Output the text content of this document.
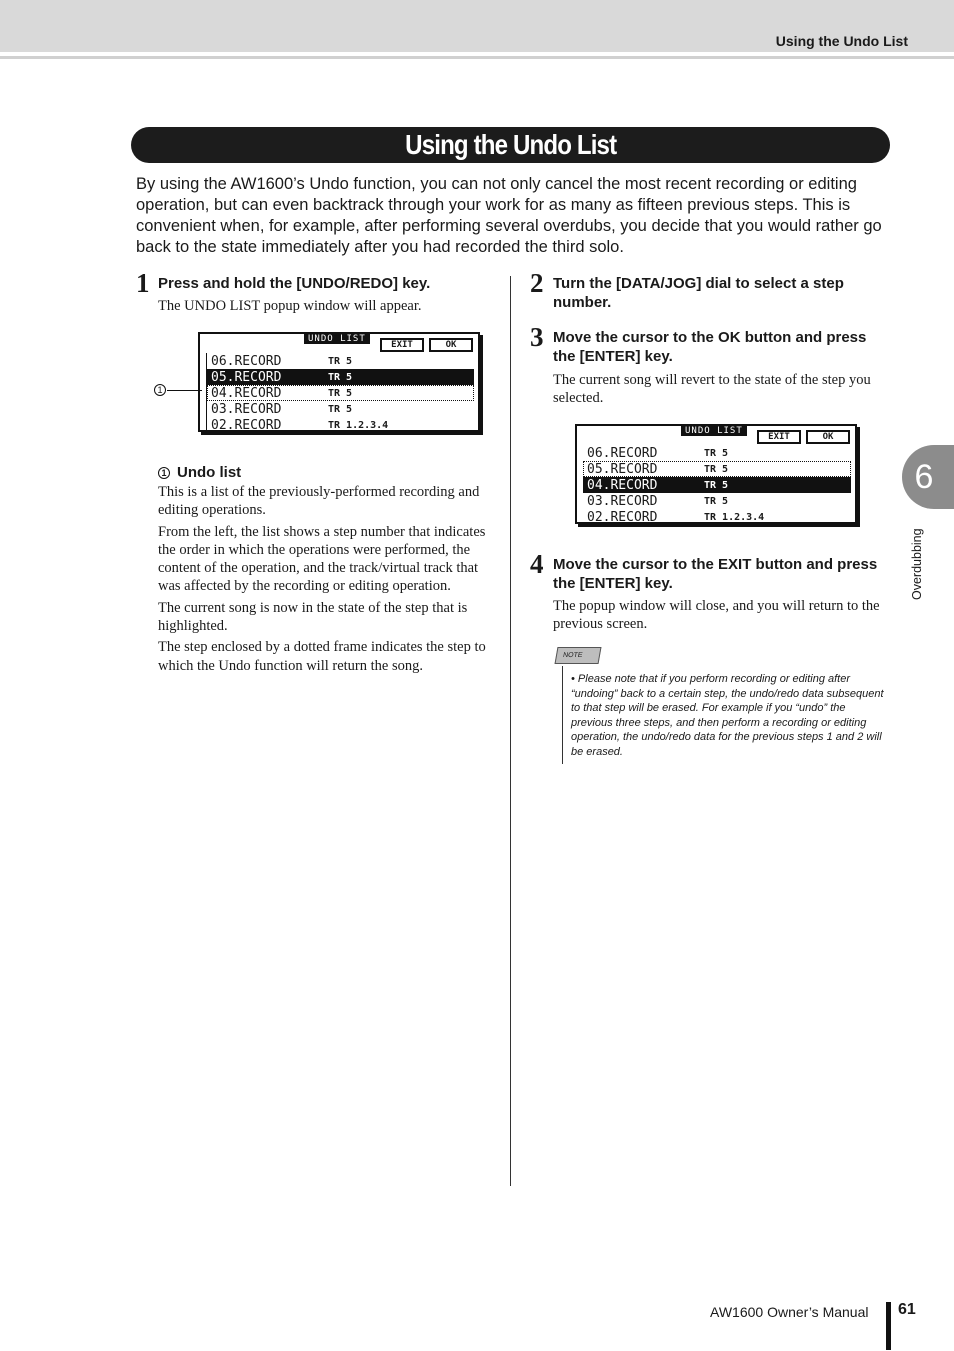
Using the Undo List
Using the Undo List
By using the AW1600’s Undo function, you can not only cancel the most recent recording or editing operation, but can even backtrack through your work for as many as fifteen previous steps. This is convenient when, for example, after performing several overdubs, you decide that you would rather go back to the state immediately after you had recorded the third solo.
1 Press and hold the [UNDO/REDO] key.
The UNDO LIST popup window will appear.
UNDO LIST
EXIT	OK
06.RECORD	TR 5
05.RECORD	TR 5
04.RECORD	TR 5
03.RECORD	TR 5
02.RECORD	TR 1.2.3.4
1
1 Undo list

This is a list of the previously-performed recording and editing operations.

From the left, the list shows a step number that indicates the order in which the operations were performed, the content of the operation, and the track/virtual track that was affected by the recording or editing operation.

The current song is now in the state of the step that is highlighted.

The step enclosed by a dotted frame indicates the step to which the Undo function will return the song.

2 Turn the [DATA/JOG] dial to select a step number.
3 Move the cursor to the OK button and press the [ENTER] key.
The current song will revert to the state of the step you selected.
UNDO LIST
EXIT	OK
06.RECORD	TR 5
05.RECORD	TR 5
04.RECORD	TR 5
03.RECORD	TR 5
02.RECORD	TR 1.2.3.4
4 Move the cursor to the EXIT button and press the [ENTER] key.
The popup window will close, and you will return to the previous screen.
NOTE
• Please note that if you perform recording or editing after “undoing” back to a certain step, the undo/redo data subsequent to that step will be erased. For example if you “undo” the previous three steps, and then perform a recording or editing operation, the undo/redo data for the previous steps 1 and 2 will be erased.
6
Overdubbing
AW1600 Owner’s Manual 61
